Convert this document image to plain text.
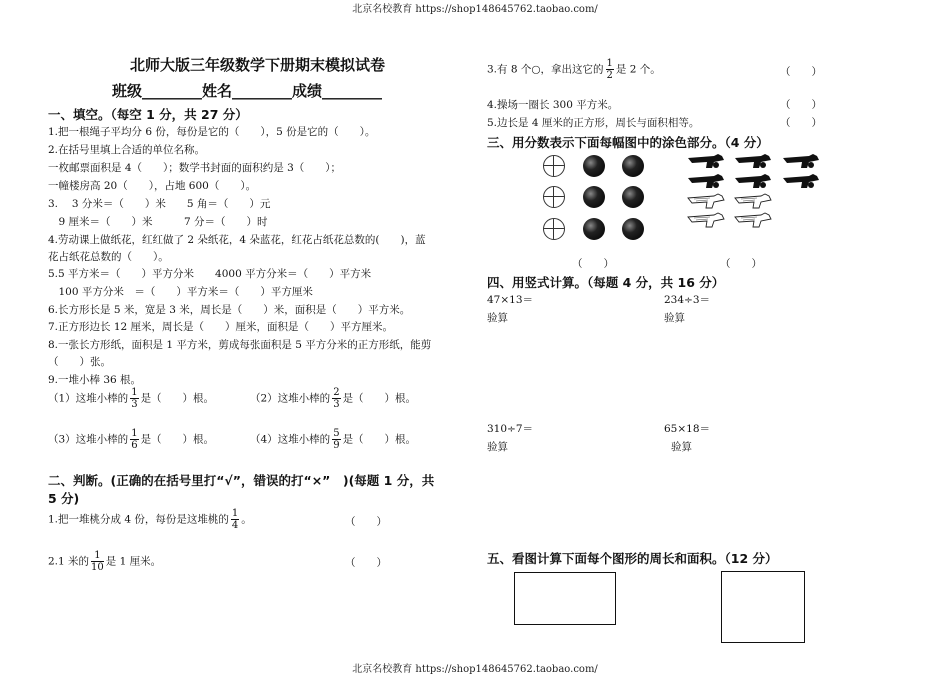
北京名校教育 https://shop148645762.taobao.com/
北师大版三年级数学下册期末模拟试卷
班级________姓名________成绩________
一、填空。（每空 1 分，共 27 分）
1.把一根绳子平均分 6 份，每份是它的（　　），5 份是它的（　　）。
2.在括号里填上合适的单位名称。
一枚邮票面积是 4（　　）；数学书封面的面积约是 3（　　）；
一幢楼房高 20（　　），占地 600（　　）。
3.　 3 分米＝（　　）米　　5 角＝（　　）元
　9 厘米＝（　　）米　　　7 分＝（　　）时
4.劳动课上做纸花，红红做了 2 朵纸花，4 朵蓝花，红花占纸花总数的(　　)，蓝
花占纸花总数的（　　）。
5.5 平方米＝（　　）平方分米　　4000 平方分米＝（　　）平方米
　100 平方分米　＝（　　）平方米＝（　　）平方厘米
6.长方形长是 5 米，宽是 3 米，周长是（　　）米，面积是（　　）平方米。
7.正方形边长 12 厘米，周长是（　　）厘米，面积是（　　）平方厘米。
8.一张长方形纸，面积是 1 平方米，剪成每张面积是 5 平方分米的正方形纸，能剪
（　　）张。
9.一堆小棒 36 根。
（1）这堆小棒的 $\frac{1}{3}$ 是（　　）根。	（2）这堆小棒的 $\frac{2}{3}$ 是（　　）根。
（3）这堆小棒的 $\frac{1}{6}$ 是（　　）根。	（4）这堆小棒的 $\frac{5}{9}$ 是（　　）根。
二、判断。(正确的在括号里打“√”，错误的打“×”　)(每题 1 分，共
5 分)
1.把一堆桃分成 4 份，每份是这堆桃的 $\frac{1}{4}$ 。	（　　）
2.1 米的 $\frac{1}{10}$ 是 1 厘米。	（　　）
3.有 8 个○，拿出这它的 $\frac{1}{2}$ 是 2 个。	（　　）
4.操场一圈长 300 平方米。	（　　）
5.边长是 4 厘米的正方形，周长与面积相等。	（　　）
三、用分数表示下面每幅图中的涂色部分。（4 分）
（　　）	（　　）
四、用竖式计算。（每题 4 分，共 16 分）
47×13＝	234÷3＝
验算	验算
310÷7＝	65×18＝
验算	验算
五、看图计算下面每个图形的周长和面积。（12 分）
北京名校教育 https://shop148645762.taobao.com/
